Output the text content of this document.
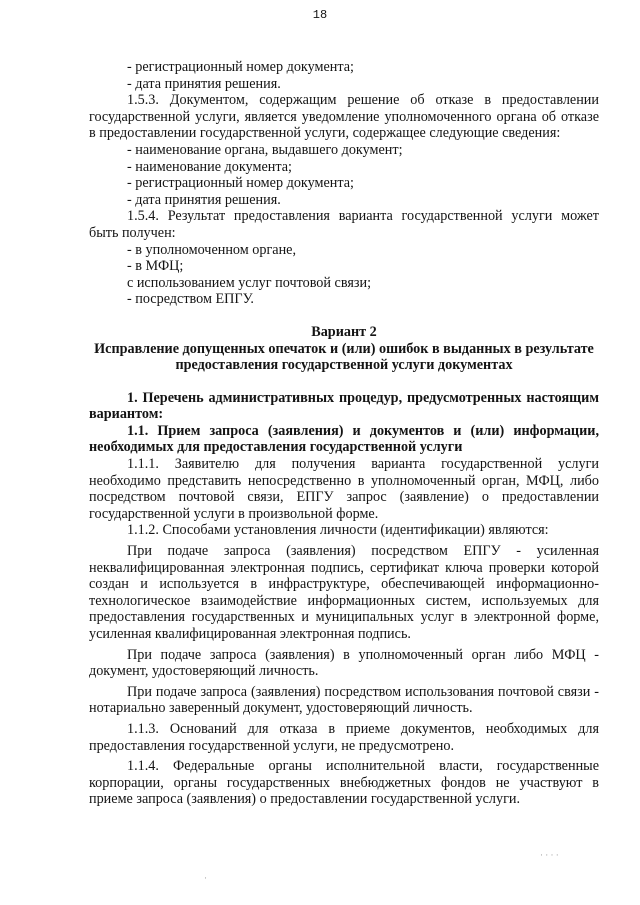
18

- регистрационный номер документа;

- дата принятия решения.

1.5.3. Документом, содержащим решение об отказе в предоставлении государственной услуги, является уведомление уполномоченного органа об отказе в предоставлении государственной услуги, содержащее следующие сведения:

- наименование органа, выдавшего документ;

- наименование документа;

- регистрационный номер документа;

- дата принятия решения.

1.5.4. Результат предоставления варианта государственной услуги может быть получен:

- в уполномоченном органе,

- в МФЦ;

с использованием услуг почтовой связи;

- посредством ЕПГУ.

Вариант 2

Исправление допущенных опечаток и (или) ошибок в выданных в результате предоставления государственной услуги документах

1. Перечень административных процедур, предусмотренных настоящим вариантом:

1.1. Прием запроса (заявления) и документов и (или) информации, необходимых для предоставления государственной услуги

1.1.1. Заявителю для получения варианта государственной услуги необходимо представить непосредственно в уполномоченный орган, МФЦ, либо посредством почтовой связи, ЕПГУ запрос (заявление) о предоставлении государственной услуги в произвольной форме.

1.1.2. Способами установления личности (идентификации) являются:

При подаче запроса (заявления) посредством ЕПГУ - усиленная неквалифицированная электронная подпись, сертификат ключа проверки которой создан и используется в инфраструктуре, обеспечивающей информационно-технологическое взаимодействие информационных систем, используемых для предоставления государственных и муниципальных услуг в электронной форме, усиленная квалифицированная электронная подпись.

При подаче запроса (заявления) в уполномоченный орган либо МФЦ - документ, удостоверяющий личность.

При подаче запроса (заявления) посредством использования почтовой связи - нотариально заверенный документ, удостоверяющий личность.

1.1.3. Оснований для отказа в приеме документов, необходимых для предоставления государственной услуги, не предусмотрено.

1.1.4. Федеральные органы исполнительной власти, государственные корпорации, органы государственных внебюджетных фондов не участвуют в приеме запроса (заявления) о предоставлении государственной услуги.

· · · ·
·
